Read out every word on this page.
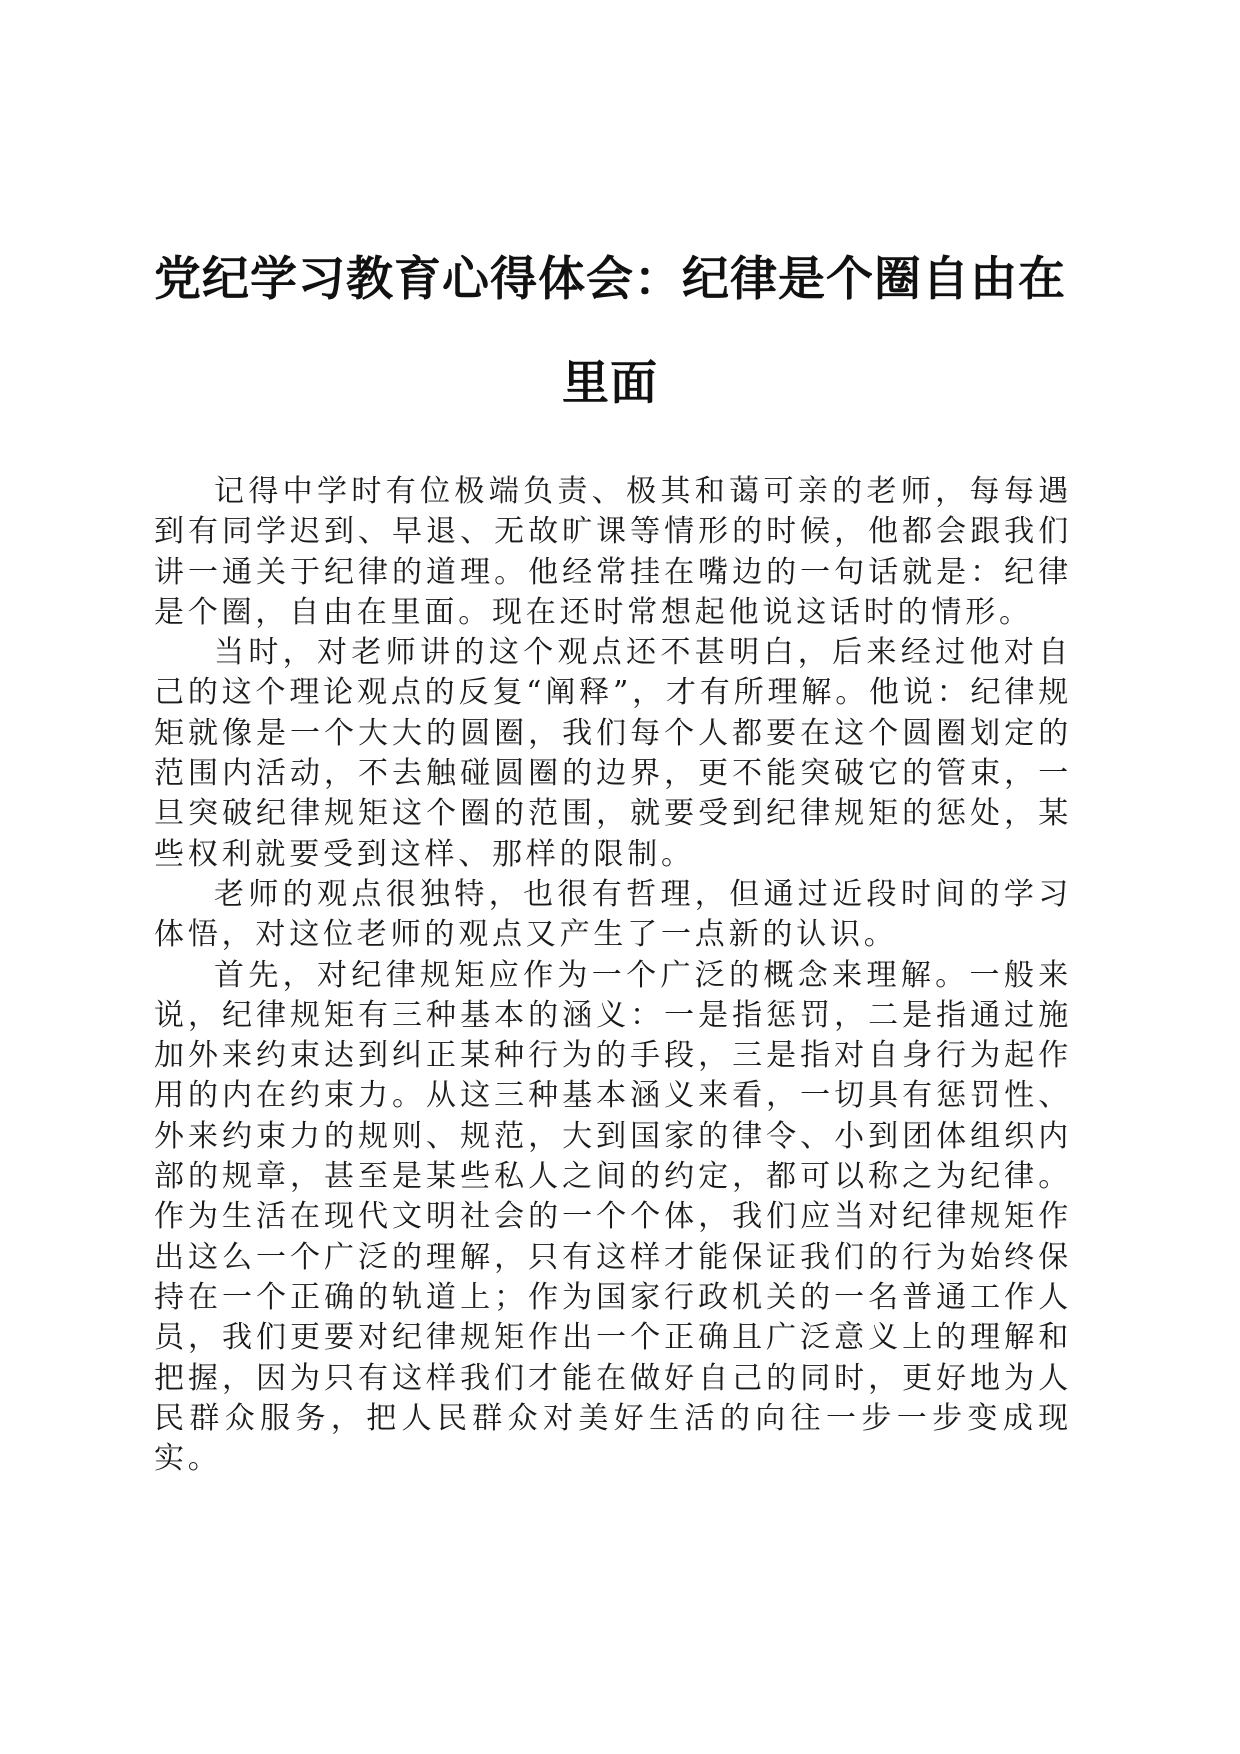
党纪学习教育心得体会：纪律是个圈自由在里面

记得中学时有位极端负责、极其和蔼可亲的老师，每每遇到有同学迟到、早退、无故旷课等情形的时候，他都会跟我们讲一通关于纪律的道理。他经常挂在嘴边的一句话就是：纪律是个圈，自由在里面。现在还时常想起他说这话时的情形。

当时，对老师讲的这个观点还不甚明白，后来经过他对自己的这个理论观点的反复“阐释”，才有所理解。他说：纪律规矩就像是一个大大的圆圈，我们每个人都要在这个圆圈划定的范围内活动，不去触碰圆圈的边界，更不能突破它的管束，一旦突破纪律规矩这个圈的范围，就要受到纪律规矩的惩处，某些权利就要受到这样、那样的限制。

老师的观点很独特，也很有哲理，但通过近段时间的学习体悟，对这位老师的观点又产生了一点新的认识。

首先，对纪律规矩应作为一个广泛的概念来理解。一般来说，纪律规矩有三种基本的涵义：一是指惩罚，二是指通过施加外来约束达到纠正某种行为的手段，三是指对自身行为起作用的内在约束力。从这三种基本涵义来看，一切具有惩罚性、外来约束力的规则、规范，大到国家的律令、小到团体组织内部的规章，甚至是某些私人之间的约定，都可以称之为纪律。作为生活在现代文明社会的一个个体，我们应当对纪律规矩作出这么一个广泛的理解，只有这样才能保证我们的行为始终保持在一个正确的轨道上；作为国家行政机关的一名普通工作人员，我们更要对纪律规矩作出一个正确且广泛意义上的理解和把握，因为只有这样我们才能在做好自己的同时，更好地为人民群众服务，把人民群众对美好生活的向往一步一步变成现实。
